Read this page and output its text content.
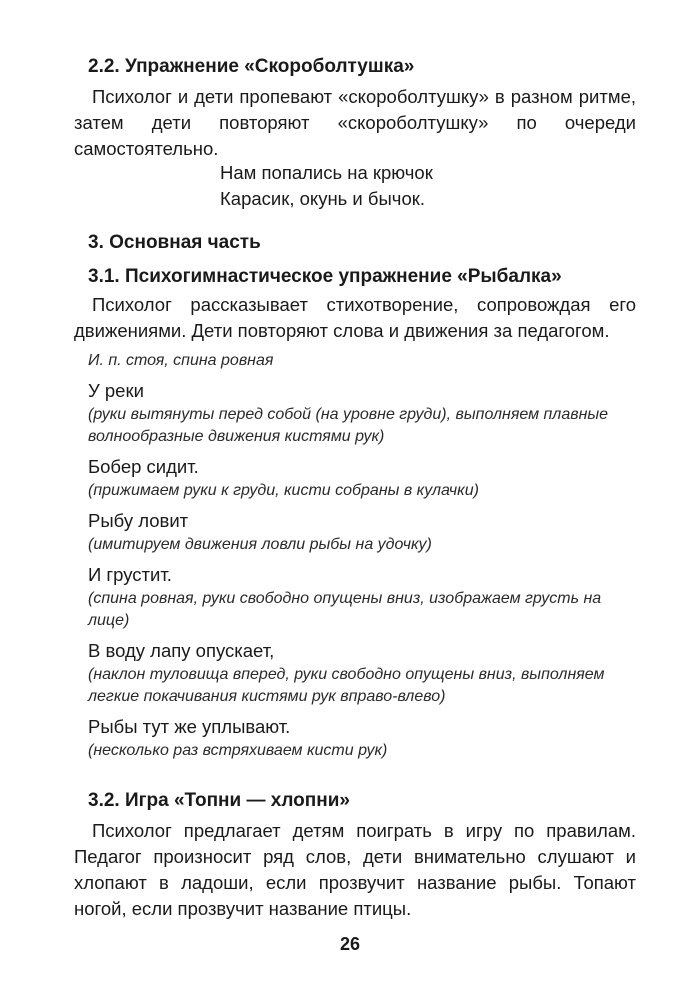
2.2. Упражнение «Скороболтушка»

Психолог и дети пропевают «скороболтушку» в разном ритме, затем дети повторяют «скороболтушку» по очереди самостоятельно.

Нам попались на крючок

Карасик, окунь и бычок.

3. Основная часть

3.1. Психогимнастическое упражнение «Рыбалка»

Психолог рассказывает стихотворение, сопровождая его движениями. Дети повторяют слова и движения за педагогом.

И. п. стоя, спина ровная

У реки

(руки вытянуты перед собой (на уровне груди), выполняем плавные волнообразные движения кистями рук)

Бобер сидит.

(прижимаем руки к груди, кисти собраны в кулачки)

Рыбу ловит

(имитируем движения ловли рыбы на удочку)

И грустит.

(спина ровная, руки свободно опущены вниз, изображаем грусть на лице)

В воду лапу опускает,

(наклон туловища вперед, руки свободно опущены вниз, выполняем легкие покачивания кистями рук вправо-влево)

Рыбы тут же уплывают.

(несколько раз встряхиваем кисти рук)

3.2. Игра «Топни — хлопни»

Психолог предлагает детям поиграть в игру по правилам. Педагог произносит ряд слов, дети внимательно слушают и хлопают в ладоши, если прозвучит название рыбы. Топают ногой, если прозвучит название птицы.

26
